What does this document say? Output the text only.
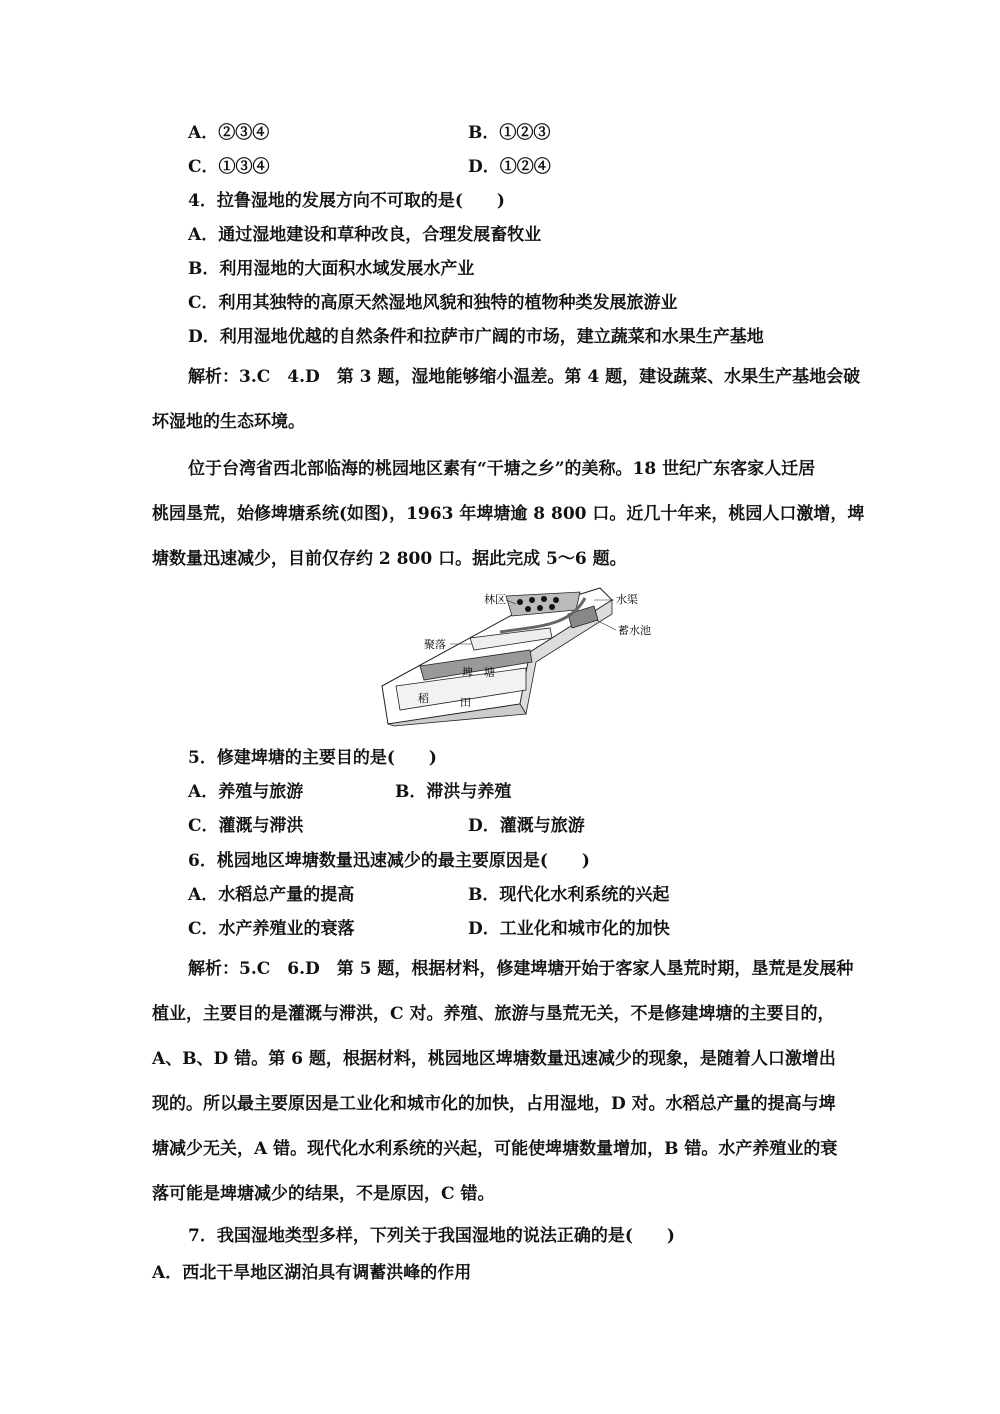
A．②③④	B．①②③
C．①③④	D．①②④
4．拉鲁湿地的发展方向不可取的是(　　)
A．通过湿地建设和草种改良，合理发展畜牧业
B．利用湿地的大面积水域发展水产业
C．利用其独特的高原天然湿地风貌和独特的植物种类发展旅游业
D．利用湿地优越的自然条件和拉萨市广阔的市场，建立蔬菜和水果生产基地
解析：3.C　4.D　第 3 题，湿地能够缩小温差。第 4 题，建设蔬菜、水果生产基地会破
坏湿地的生态环境。
位于台湾省西北部临海的桃园地区素有“干塘之乡”的美称。18 世纪广东客家人迁居
桃园垦荒，始修埤塘系统(如图)，1963 年埤塘逾 8 800 口。近几十年来，桃园人口激增，埤
塘数量迅速减少，目前仅存约 2 800 口。据此完成 5～6 题。
林区	水渠
蓄水池
聚落
埤　塘
稻	田
5．修建埤塘的主要目的是(　　)
A．养殖与旅游	B．滞洪与养殖
C．灌溉与滞洪	D．灌溉与旅游
6．桃园地区埤塘数量迅速减少的最主要原因是(　　)
A．水稻总产量的提高	B．现代化水利系统的兴起
C．水产养殖业的衰落	D．工业化和城市化的加快
解析：5.C　6.D　第 5 题，根据材料，修建埤塘开始于客家人垦荒时期，垦荒是发展种
植业，主要目的是灌溉与滞洪，C 对。养殖、旅游与垦荒无关，不是修建埤塘的主要目的，
A、B、D 错。第 6 题，根据材料，桃园地区埤塘数量迅速减少的现象，是随着人口激增出
现的。所以最主要原因是工业化和城市化的加快，占用湿地，D 对。水稻总产量的提高与埤
塘减少无关，A 错。现代化水利系统的兴起，可能使埤塘数量增加，B 错。水产养殖业的衰
落可能是埤塘减少的结果，不是原因，C 错。
7．我国湿地类型多样，下列关于我国湿地的说法正确的是(　　)
A．西北干旱地区湖泊具有调蓄洪峰的作用
